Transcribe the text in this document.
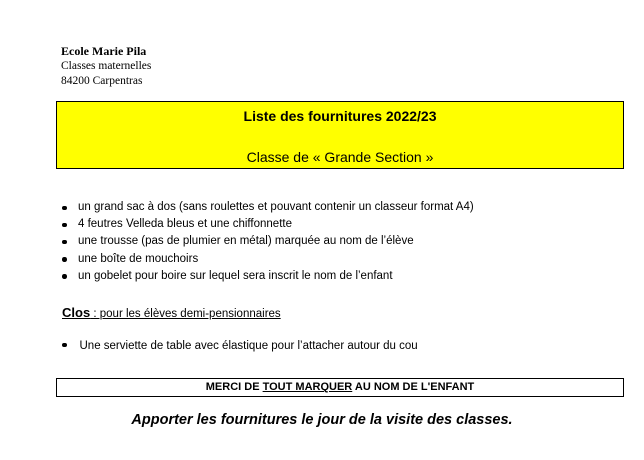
Ecole Marie Pila
Classes maternelles
84200 Carpentras
Liste des fournitures 2022/23
Classe de « Grande Section »
un grand sac à dos (sans roulettes et pouvant contenir un classeur format A4)
4 feutres Velleda bleus et une chiffonnette
une trousse (pas de plumier en métal) marquée au nom de l’élève
une boîte de mouchoirs
un gobelet pour boire sur lequel sera inscrit le nom de l’enfant
Clos : pour les élèves demi-pensionnaires
Une serviette de table avec élastique pour l’attacher autour du cou
MERCI DE TOUT MARQUER AU NOM DE L'ENFANT
Apporter les fournitures le jour de la visite des classes.
